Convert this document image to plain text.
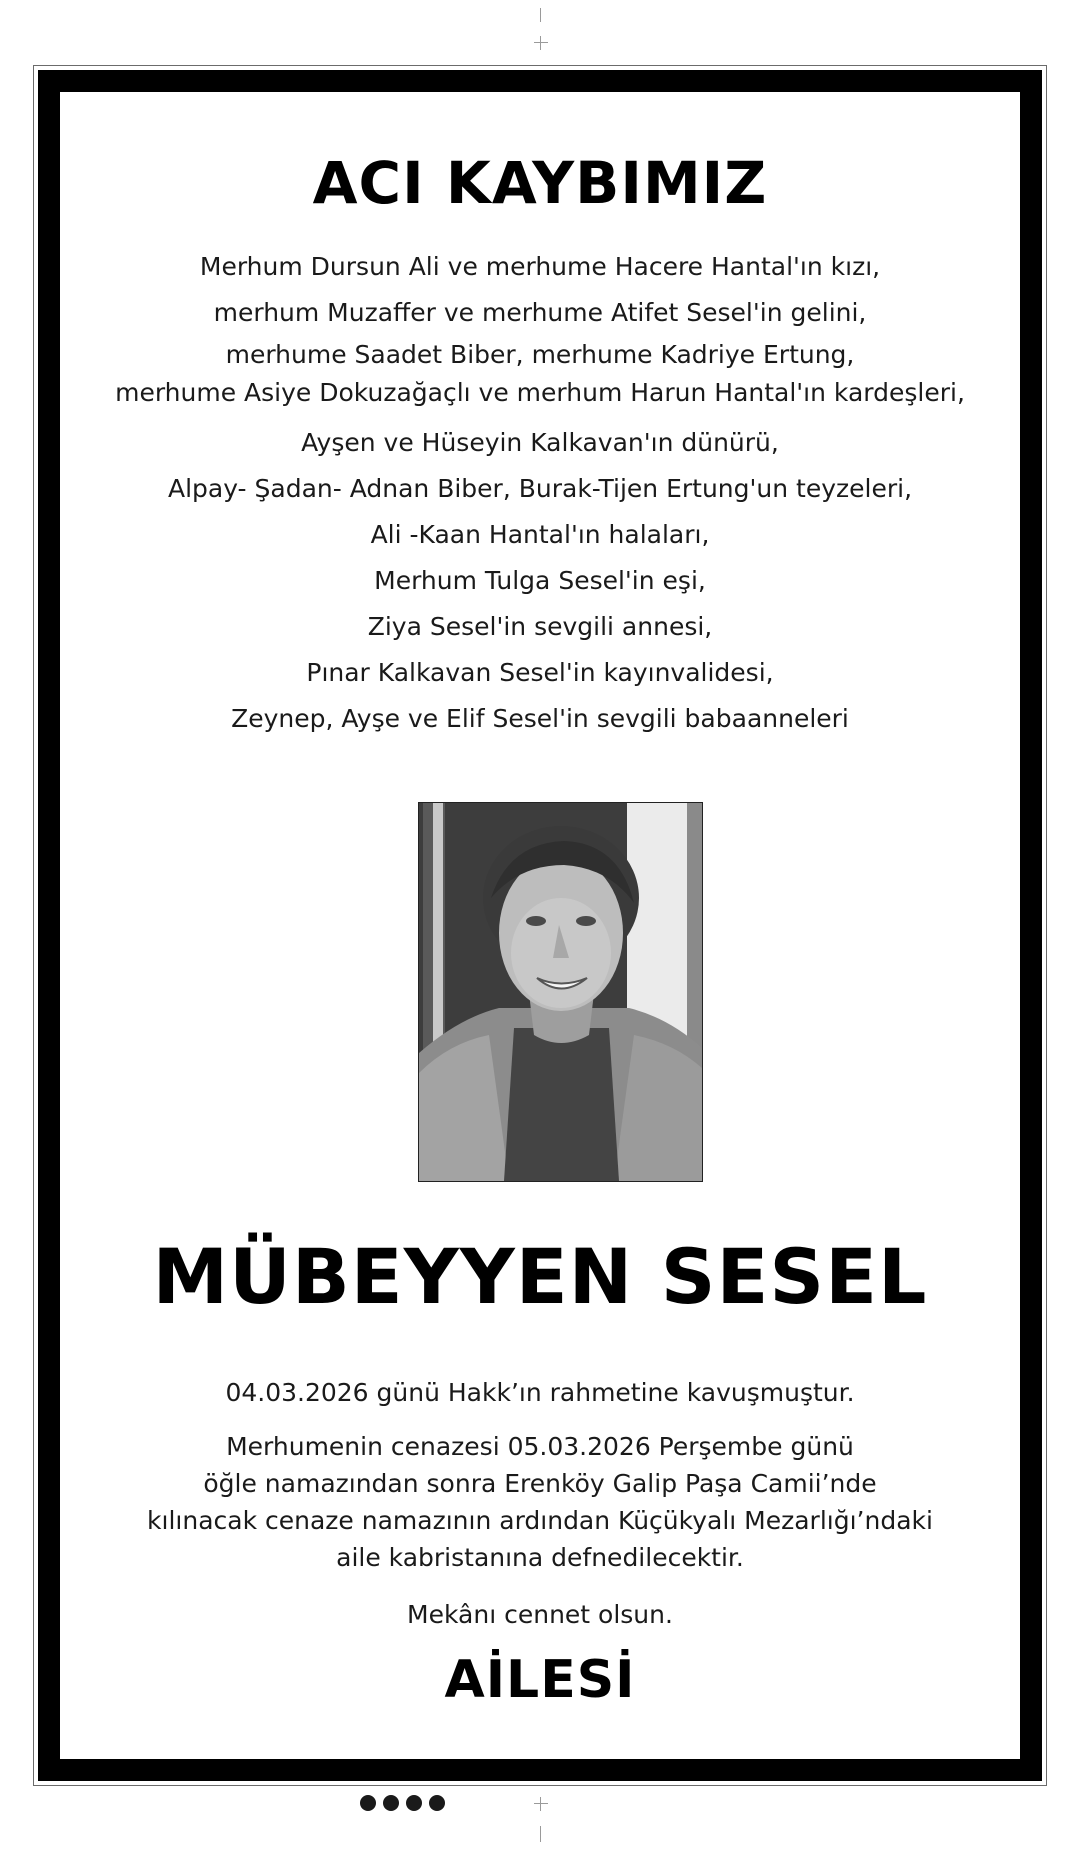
ACI KAYBIMIZ
Merhum Dursun Ali ve merhume Hacere Hantal'ın kızı,
merhum Muzaffer ve merhume Atifet Sesel'in gelini,
merhume Saadet Biber, merhume Kadriye Ertung,
merhume Asiye Dokuzağaçlı ve merhum Harun Hantal'ın kardeşleri,
Ayşen ve Hüseyin Kalkavan'ın dünürü,
Alpay- Şadan- Adnan Biber, Burak-Tijen Ertung'un teyzeleri,
Ali -Kaan Hantal'ın halaları,
Merhum Tulga Sesel'in eşi,
Ziya Sesel'in sevgili annesi,
Pınar Kalkavan Sesel'in kayınvalidesi,
Zeynep, Ayşe ve Elif Sesel'in sevgili babaanneleri
MÜBEYYEN SESEL
04.03.2026 günü Hakk’ın rahmetine kavuşmuştur.
Merhumenin cenazesi 05.03.2026 Perşembe günü
öğle namazından sonra Erenköy Galip Paşa Camii’nde
kılınacak cenaze namazının ardından Küçükyalı Mezarlığı’ndaki
aile kabristanına defnedilecektir.
Mekânı cennet olsun.
AİLESİ
